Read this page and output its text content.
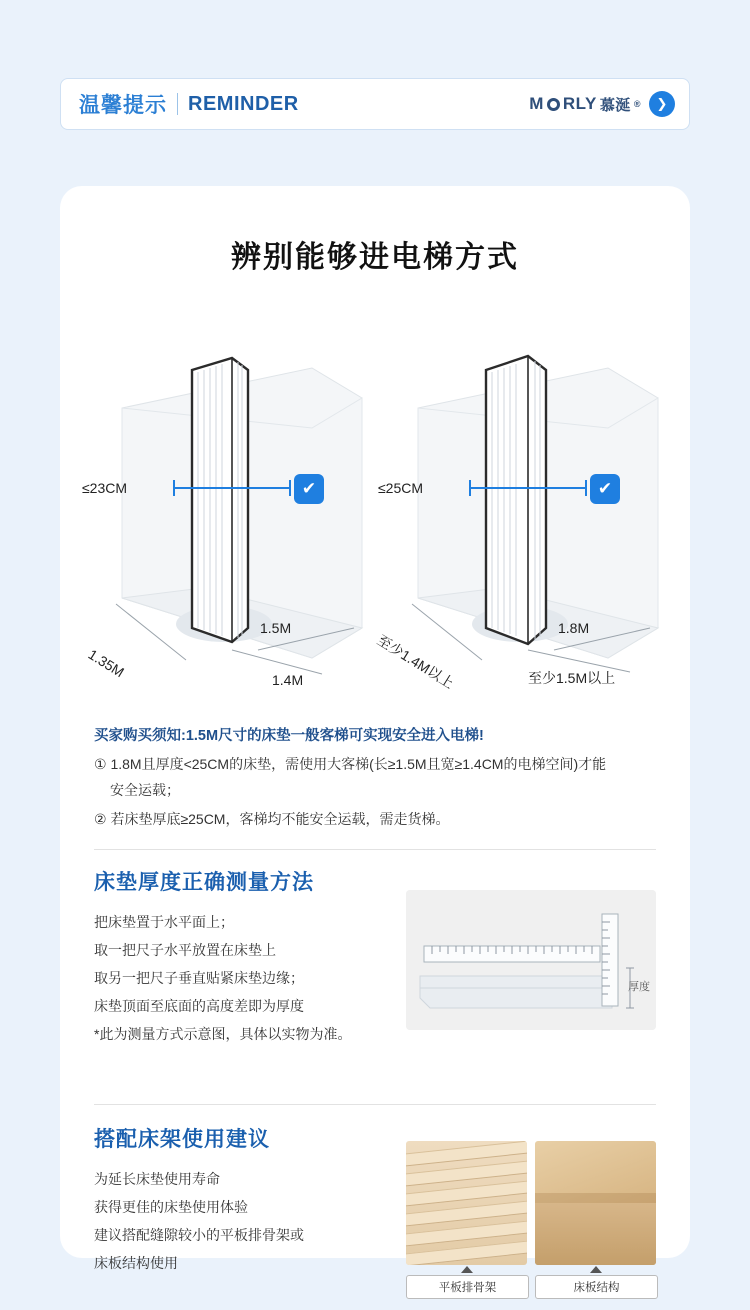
温馨提示 REMINDER	M RLY 慕涎 ®	❯
辨别能够进电梯方式
≤23CM	✔
1.5M
1.4M
1.35M
≤25CM	✔
1.8M
至少1.5M以上
至少1.4M以上
买家购买须知:1.5M尺寸的床垫一般客梯可实现安全进入电梯!
① 1.8M且厚度<25CM的床垫，需使用大客梯(长≥1.5M且宽≥1.4CM的电梯空间)才能
安全运载；
② 若床垫厚底≥25CM，客梯均不能安全运载，需走货梯。
床垫厚度正确测量方法
把床垫置于水平面上；
取一把尺子水平放置在床垫上
取另一把尺子垂直贴紧床垫边缘；
床垫顶面至底面的高度差即为厚度
*此为测量方式示意图，具体以实物为准。
厚度
搭配床架使用建议
为延长床垫使用寿命
获得更佳的床垫使用体验
建议搭配缝隙较小的平板排骨架或
床板结构使用
平板排骨架	床板结构
